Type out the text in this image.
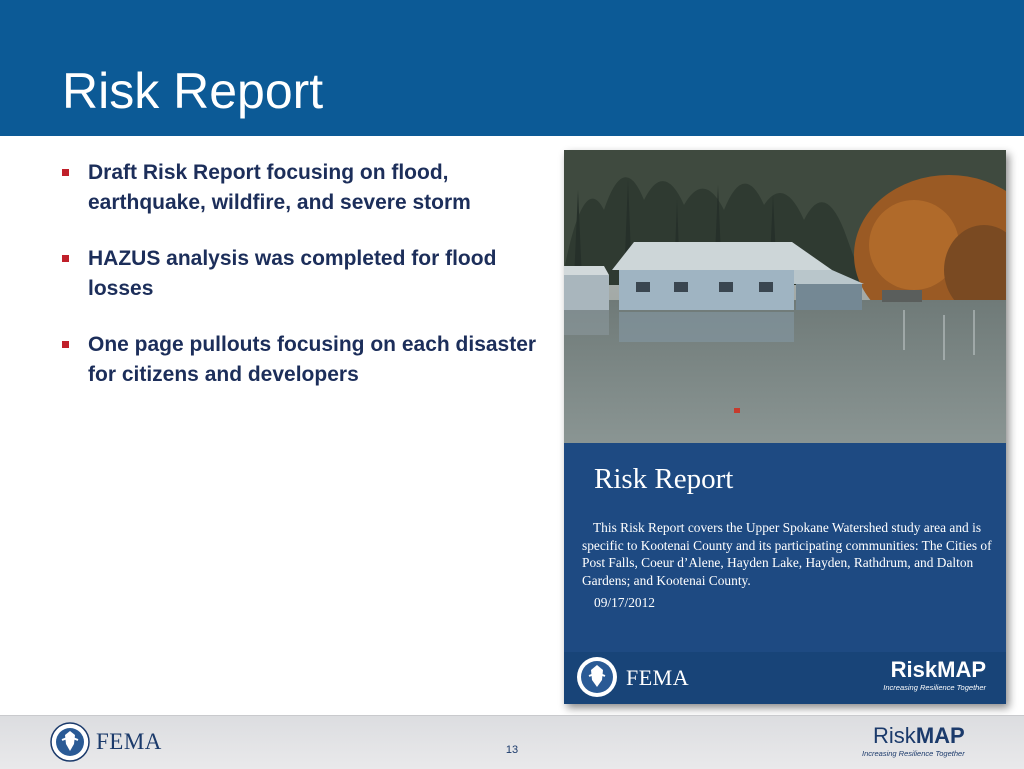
Risk Report
Draft Risk Report focusing on flood, earthquake, wildfire, and severe storm
HAZUS analysis was completed for flood losses
One page pullouts focusing on each disaster for citizens and developers
Risk Report
This Risk Report covers the Upper Spokane Watershed study area and is specific to Kootenai County and its participating communities: The Cities of Post Falls, Coeur d’Alene, Hayden Lake, Hayden, Rathdrum, and Dalton Gardens; and Kootenai County.
09/17/2012
FEMA	RiskMAP
Increasing Resilience Together
FEMA	13
RiskMAP
Increasing Resilience Together
